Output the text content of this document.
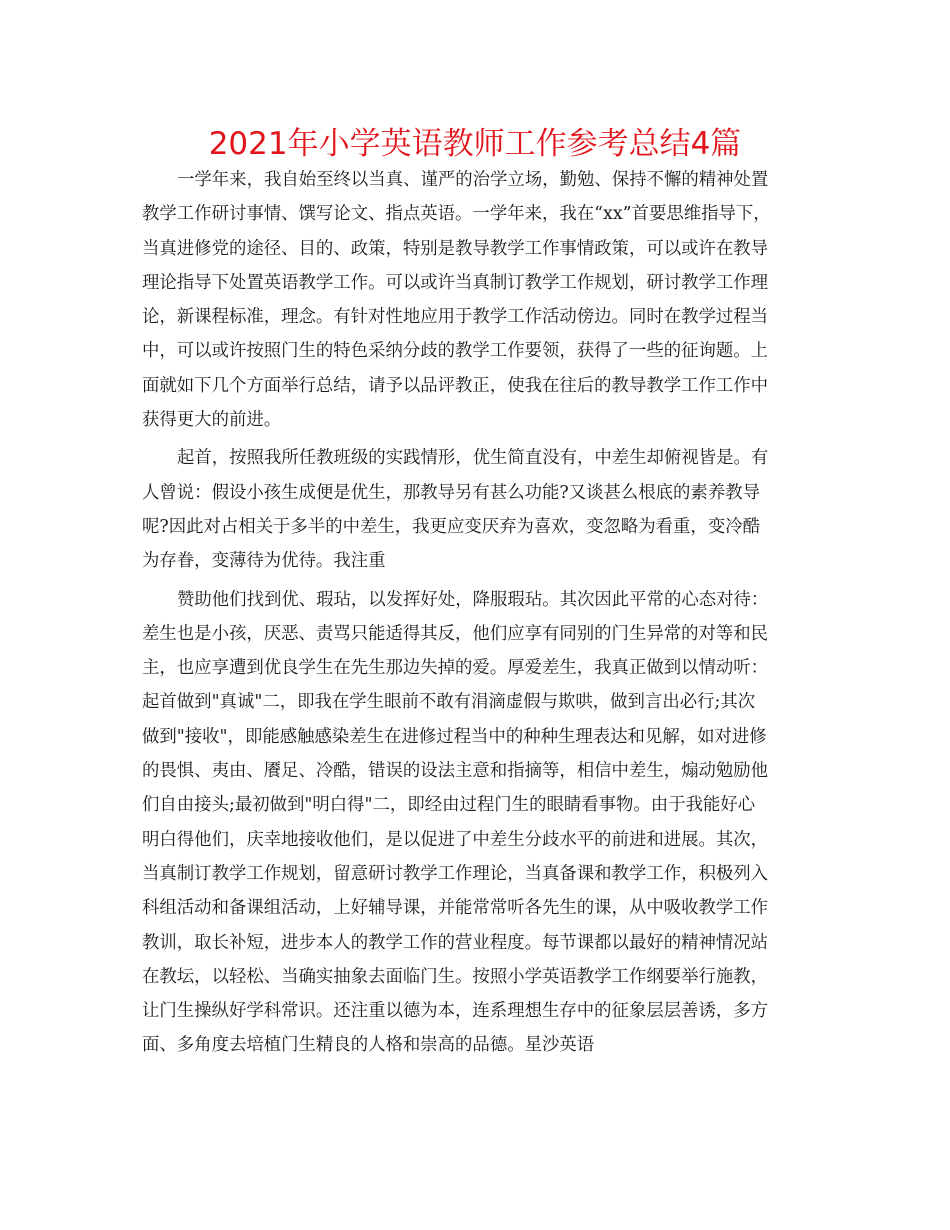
2021年小学英语教师工作参考总结4篇
一学年来，我自始至终以当真、谨严的治学立场，勤勉、保持不懈的精神处置
教学工作研讨事情、馔写论文、指点英语。一学年来，我在“xx”首要思维指导下，
当真进修党的途径、目的、政策，特别是教导教学工作事情政策，可以或许在教导
理论指导下处置英语教学工作。可以或许当真制订教学工作规划，研讨教学工作理
论，新课程标准，理念。有针对性地应用于教学工作活动傍边。同时在教学过程当
中，可以或许按照门生的特色采纳分歧的教学工作要领，获得了一些的征询题。上
面就如下几个方面举行总结，请予以品评教正，使我在往后的教导教学工作工作中
获得更大的前进。
起首，按照我所任教班级的实践情形，优生简直没有，中差生却俯视皆是。有
人曾说：假设小孩生成便是优生，那教导另有甚么功能?又谈甚么根底的素养教导
呢?因此对占相关于多半的中差生，我更应变厌弃为喜欢，变忽略为看重，变冷酷
为存眷，变薄待为优待。我注重
赞助他们找到优、瑕玷，以发挥好处，降服瑕玷。其次因此平常的心态对待：
差生也是小孩，厌恶、责骂只能适得其反，他们应享有同别的门生异常的对等和民
主，也应享遭到优良学生在先生那边失掉的爱。厚爱差生，我真正做到以情动听：
起首做到"真诚"二，即我在学生眼前不敢有涓滴虚假与欺哄，做到言出必行;其次
做到"接收"，即能感触感染差生在进修过程当中的种种生理表达和见解，如对进修
的畏惧、夷由、餍足、冷酷，错误的设法主意和指摘等，相信中差生，煽动勉励他
们自由接头;最初做到"明白得"二，即经由过程门生的眼睛看事物。由于我能好心
明白得他们，庆幸地接收他们，是以促进了中差生分歧水平的前进和进展。其次，
当真制订教学工作规划，留意研讨教学工作理论，当真备课和教学工作，积极列入
科组活动和备课组活动，上好辅导课，并能常常听各先生的课，从中吸收教学工作
教训，取长补短，进步本人的教学工作的营业程度。每节课都以最好的精神情况站
在教坛，以轻松、当确实抽象去面临门生。按照小学英语教学工作纲要举行施教，
让门生操纵好学科常识。还注重以德为本，连系理想生存中的征象层层善诱，多方
面、多角度去培植门生精良的人格和崇高的品德。星沙英语
